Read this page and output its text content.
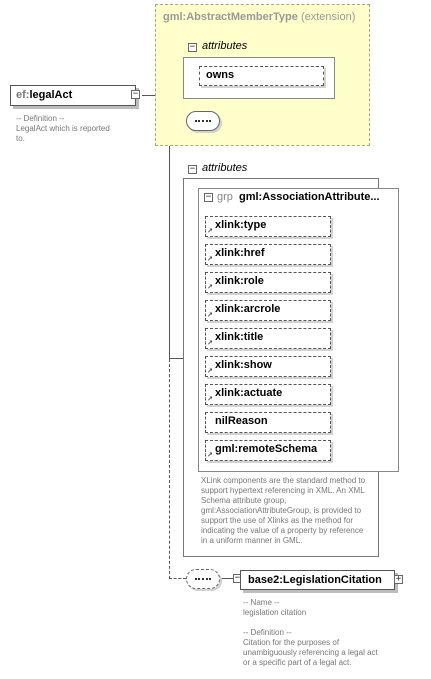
gml:AbstractMemberType (extension)
− attributes
owns
ef:legalAct	−
-- Definition --
LegalAct which is reported
to.
− attributes
− grp gml:AssociationAttribute...
xlink:type
↗
xlink:href
↗
xlink:role
↗
xlink:arcrole
↗
xlink:title
↗
xlink:show
↗
xlink:actuate
↗
nilReason
gml:remoteSchema
↗
XLink components are the standard method to
support hypertext referencing in XML. An XML
Schema attribute group,
gml:AssociationAttributeGroup, is provided to
support the use of Xlinks as the method for
indicating the value of a property by reference
in a uniform manner in GML.
− base2:LegislationCitation +
-- Name --
legislation citation
-- Definition --
Citation for the purposes of
unambiguously referencing a legal act
or a specific part of a legal act.
